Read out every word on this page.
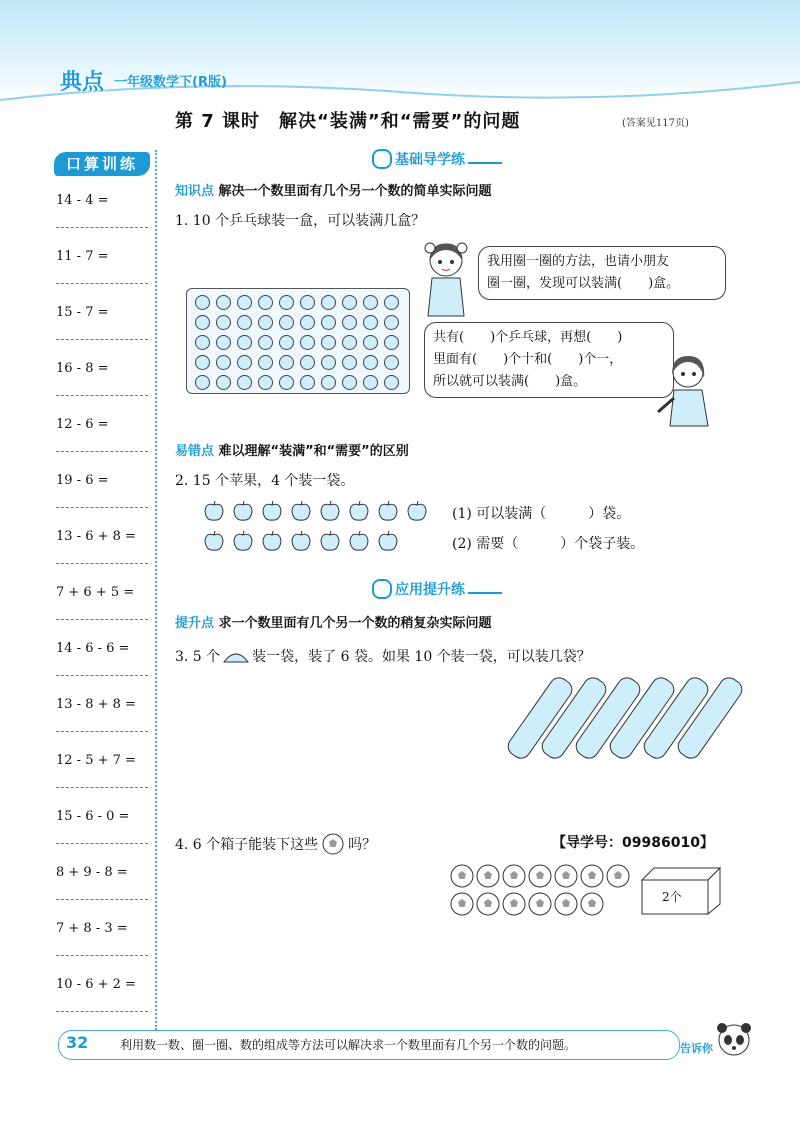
典点 一年级数学下(R版)
第 7 课时　解决“装满”和“需要”的问题	(答案见117页)
口算训练
14 - 4 =
11 - 7 =
15 - 7 =
16 - 8 =
12 - 6 =
19 - 6 =
13 - 6 + 8 =
7 + 6 + 5 =
14 - 6 - 6 =
13 - 8 + 8 =
12 - 5 + 7 =
15 - 6 - 0 =
8 + 9 - 8 =
7 + 8 - 3 =
10 - 6 + 2 =
基础导学练
知识点 解决一个数里面有几个另一个数的简单实际问题
1. 10 个乒乓球装一盒，可以装满几盒？
我用圈一圈的方法，也请小朋友
圈一圈，发现可以装满(　　)盒。
共有(　　)个乒乓球，再想(　　)
里面有(　　)个十和(　　)个一，
所以就可以装满(　　)盒。
易错点 难以理解“装满”和“需要”的区别
2. 15 个苹果，4 个装一袋。
(1) 可以装满（　　　）袋。
(2) 需要（　　　）个袋子装。
应用提升练
提升点 求一个数里面有几个另一个数的稍复杂实际问题
3. 5 个 装一袋，装了 6 袋。如果 10 个装一袋，可以装几袋？
4. 6 个箱子能装下这些 吗？	【导学号：09986010】
2个
32	利用数一数、圈一圈、数的组成等方法可以解决求一个数里面有几个另一个数的问题。	告诉你
